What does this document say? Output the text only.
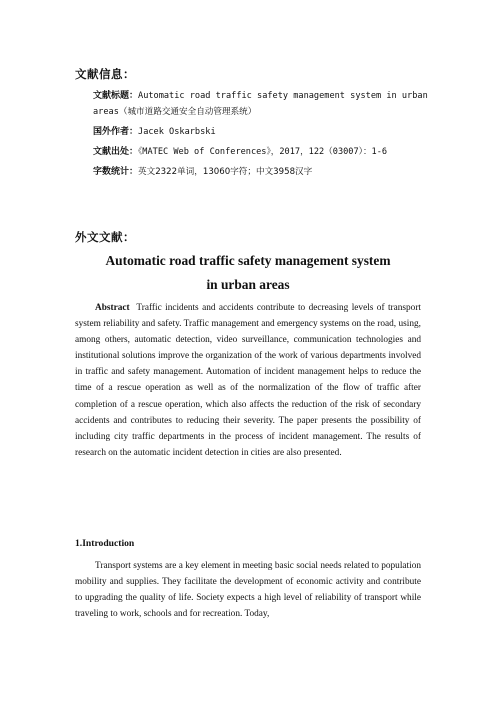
文献信息：
文献标题：Automatic road traffic safety management system in urban areas（城市道路交通安全自动管理系统）
国外作者：Jacek Oskarbski
文献出处：《MATEC Web of Conferences》，2017，122（03007）：1-6
字数统计：英文2322单词，13060字符；中文3958汉字
外文文献：
Automatic road traffic safety management system
in urban areas

Abstract Traffic incidents and accidents contribute to decreasing levels of transport system reliability and safety. Traffic management and emergency systems on the road, using, among others, automatic detection, video surveillance, communication technologies and institutional solutions improve the organization of the work of various departments involved in traffic and safety management. Automation of incident management helps to reduce the time of a rescue operation as well as of the normalization of the flow of traffic after completion of a rescue operation, which also affects the reduction of the risk of secondary accidents and contributes to reducing their severity. The paper presents the possibility of including city traffic departments in the process of incident management. The results of research on the automatic incident detection in cities are also presented.

1.Introduction

Transport systems are a key element in meeting basic social needs related to population mobility and supplies. They facilitate the development of economic activity and contribute to upgrading the quality of life. Society expects a high level of reliability of transport while traveling to work, schools and for recreation. Today,
